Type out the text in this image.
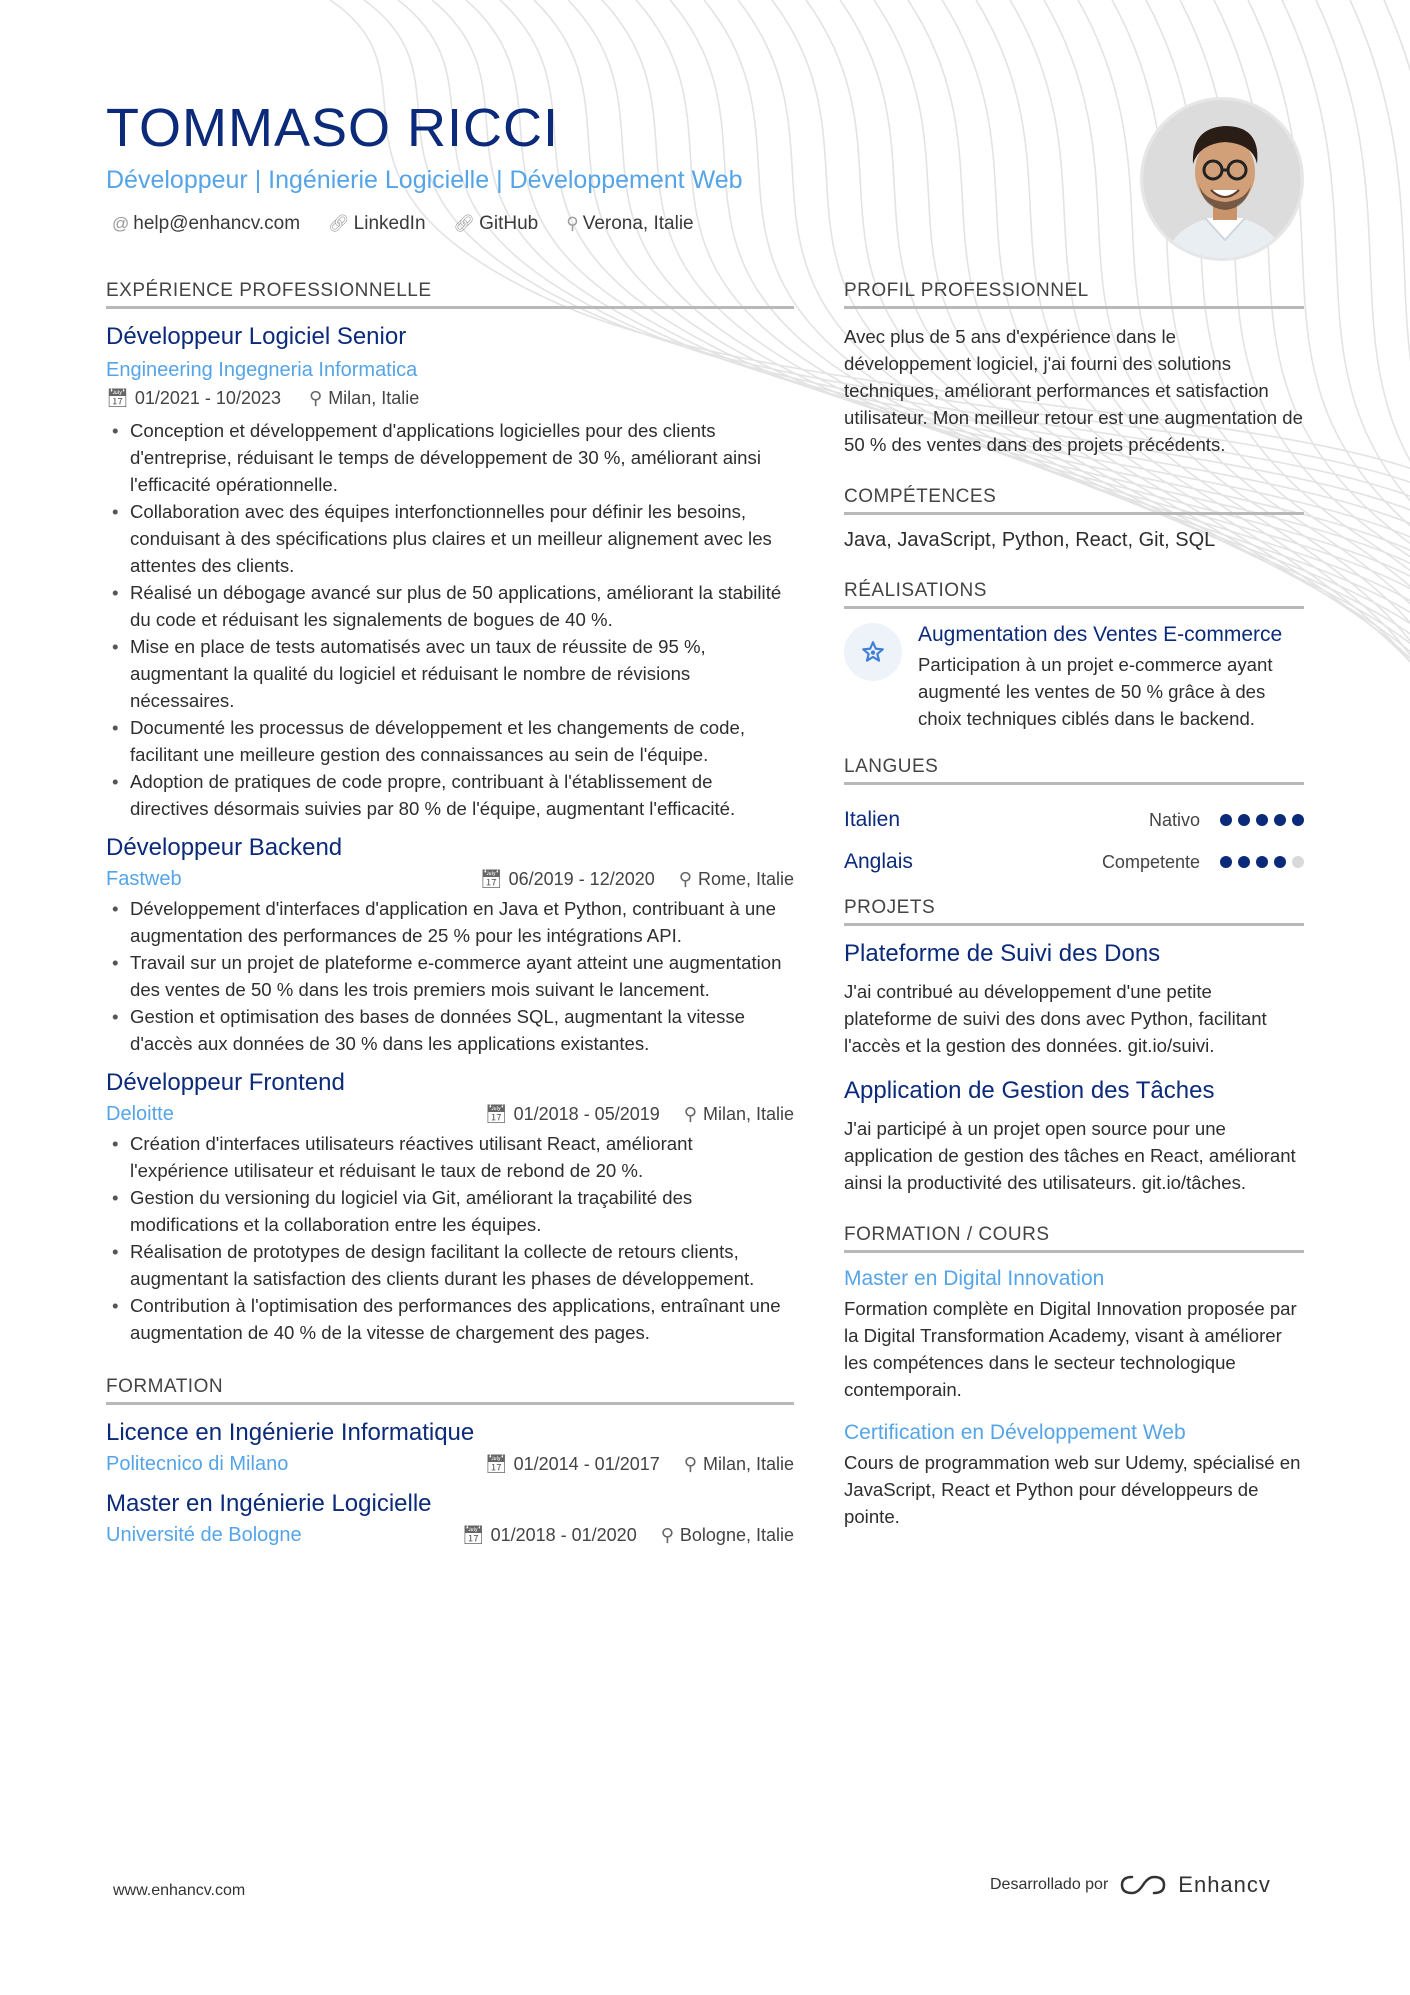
TOMMASO RICCI
Développeur | Ingénierie Logicielle | Développement Web
@ help@enhancv.com 🔗︎ LinkedIn 🔗︎ GitHub ⚲ Verona, Italie
EXPÉRIENCE PROFESSIONNELLE
Développeur Logiciel Senior
Engineering Ingegneria Informatica
📅︎ 01/2021 - 10/2023 ⚲ Milan, Italie
• Conception et développement d'applications logicielles pour des clients d'entreprise, réduisant le temps de développement de 30 %, améliorant ainsi l'efficacité opérationnelle.
• Collaboration avec des équipes interfonctionnelles pour définir les besoins, conduisant à des spécifications plus claires et un meilleur alignement avec les attentes des clients.
• Réalisé un débogage avancé sur plus de 50 applications, améliorant la stabilité du code et réduisant les signalements de bogues de 40 %.
• Mise en place de tests automatisés avec un taux de réussite de 95 %, augmentant la qualité du logiciel et réduisant le nombre de révisions nécessaires.
• Documenté les processus de développement et les changements de code, facilitant une meilleure gestion des connaissances au sein de l'équipe.
• Adoption de pratiques de code propre, contribuant à l'établissement de directives désormais suivies par 80 % de l'équipe, augmentant l'efficacité.
Développeur Backend
Fastweb	📅︎ 06/2019 - 12/2020 ⚲ Rome, Italie
• Développement d'interfaces d'application en Java et Python, contribuant à une augmentation des performances de 25 % pour les intégrations API.
• Travail sur un projet de plateforme e-commerce ayant atteint une augmentation des ventes de 50 % dans les trois premiers mois suivant le lancement.
• Gestion et optimisation des bases de données SQL, augmentant la vitesse d'accès aux données de 30 % dans les applications existantes.
Développeur Frontend
Deloitte	📅︎ 01/2018 - 05/2019 ⚲ Milan, Italie
• Création d'interfaces utilisateurs réactives utilisant React, améliorant l'expérience utilisateur et réduisant le taux de rebond de 20 %.
• Gestion du versioning du logiciel via Git, améliorant la traçabilité des modifications et la collaboration entre les équipes.
• Réalisation de prototypes de design facilitant la collecte de retours clients, augmentant la satisfaction des clients durant les phases de développement.
• Contribution à l'optimisation des performances des applications, entraînant une augmentation de 40 % de la vitesse de chargement des pages.
FORMATION
Licence en Ingénierie Informatique
Politecnico di Milano	📅︎ 01/2014 - 01/2017 ⚲ Milan, Italie
Master en Ingénierie Logicielle
Université de Bologne	📅︎ 01/2018 - 01/2020 ⚲ Bologne, Italie
PROFIL PROFESSIONNEL
Avec plus de 5 ans d'expérience dans le développement logiciel, j'ai fourni des solutions techniques, améliorant performances et satisfaction utilisateur. Mon meilleur retour est une augmentation de 50 % des ventes dans des projets précédents.
COMPÉTENCES
Java, JavaScript, Python, React, Git, SQL
RÉALISATIONS
Augmentation des Ventes E-commerce
Participation à un projet e-commerce ayant augmenté les ventes de 50 % grâce à des choix techniques ciblés dans le backend.
LANGUES
Italien	Nativo
Anglais	Competente
PROJETS
Plateforme de Suivi des Dons
J'ai contribué au développement d'une petite plateforme de suivi des dons avec Python, facilitant l'accès et la gestion des données. git.io/suivi.
Application de Gestion des Tâches
J'ai participé à un projet open source pour une application de gestion des tâches en React, améliorant ainsi la productivité des utilisateurs. git.io/tâches.
FORMATION / COURS
Master en Digital Innovation
Formation complète en Digital Innovation proposée par la Digital Transformation Academy, visant à améliorer les compétences dans le secteur technologique contemporain.
Certification en Développement Web
Cours de programmation web sur Udemy, spécialisé en JavaScript, React et Python pour développeurs de pointe.
www.enhancv.com	Desarrollado por	Enhancv
